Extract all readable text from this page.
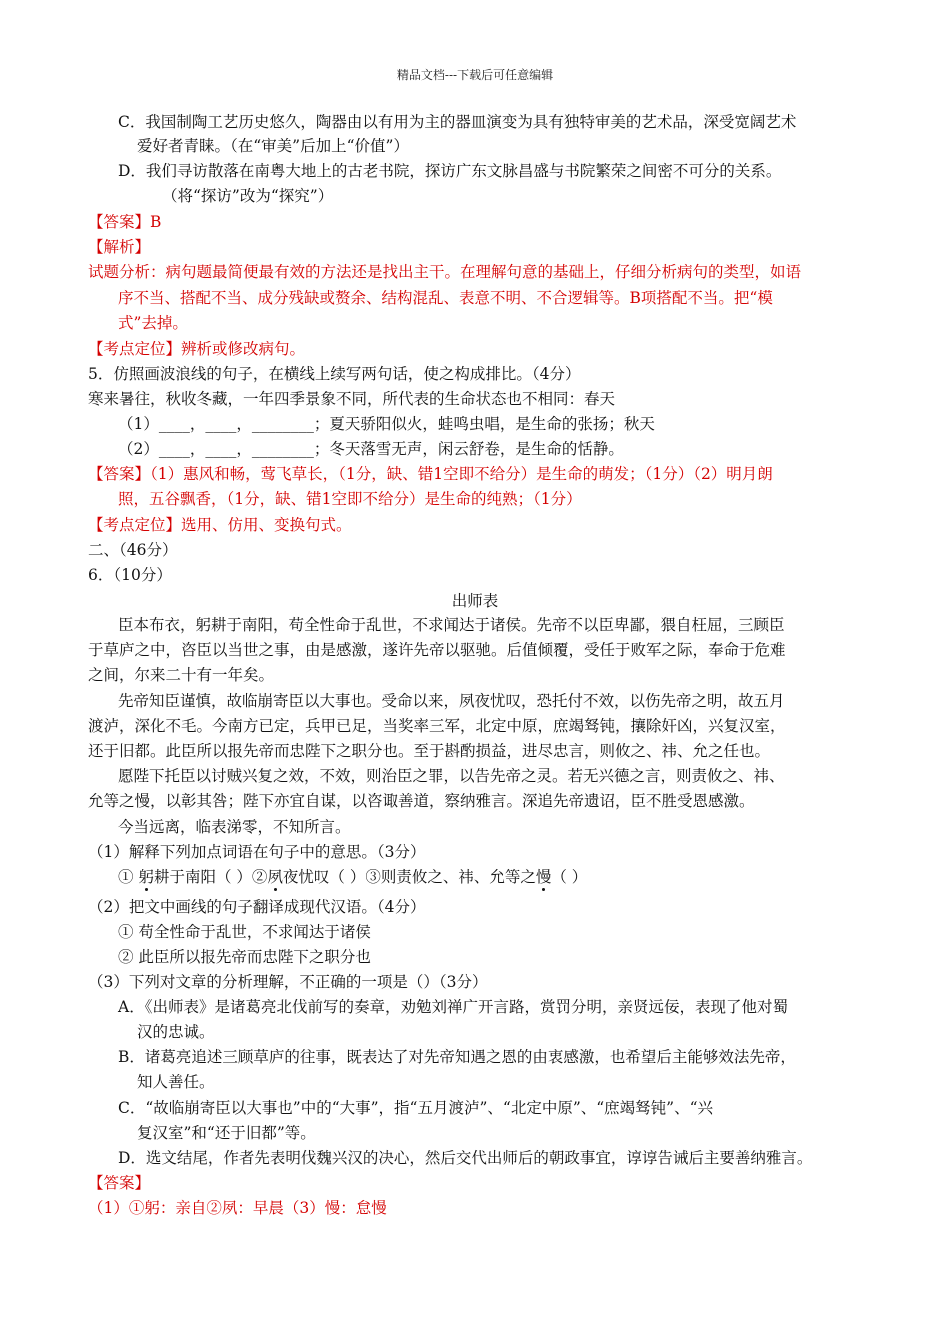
精品文档---下载后可任意编辑
C．我国制陶工艺历史悠久，陶器由以有用为主的器皿演变为具有独特审美的艺术品，深受宽阔艺术
爱好者青睐。（在“审美”后加上“价值”）
D．我们寻访散落在南粤大地上的古老书院，探访广东文脉昌盛与书院繁荣之间密不可分的关系。
（将“探访”改为“探究”）
【答案】B
【解析】
试题分析：病句题最简便最有效的方法还是找出主干。在理解句意的基础上，仔细分析病句的类型，如语
序不当、搭配不当、成分残缺或赘余、结构混乱、表意不明、不合逻辑等。B项搭配不当。把“模
式”去掉。
【考点定位】辨析或修改病句。
5．仿照画波浪线的句子，在横线上续写两句话，使之构成排比。（4分）
寒来暑往，秋收冬藏，一年四季景象不同，所代表的生命状态也不相同：春天
（1）____，____，________；夏天骄阳似火，蛙鸣虫唱，是生命的张扬；秋天
（2）____，____，________；冬天落雪无声，闲云舒卷，是生命的恬静。
【答案】（1）惠风和畅，莺飞草长，（1分，缺、错1空即不给分）是生命的萌发；（1分）（2）明月朗
照，五谷飘香，（1分，缺、错1空即不给分）是生命的纯熟；（1分）
【考点定位】选用、仿用、变换句式。
二、（46分）
6．（10分）
出师表
臣本布衣，躬耕于南阳，苟全性命于乱世，不求闻达于诸侯。先帝不以臣卑鄙，猥自枉屈，三顾臣
于草庐之中，咨臣以当世之事，由是感激，遂许先帝以驱驰。后值倾覆，受任于败军之际，奉命于危难
之间，尔来二十有一年矣。
先帝知臣谨慎，故临崩寄臣以大事也。受命以来，夙夜忧叹，恐托付不效，以伤先帝之明，故五月
渡泸，深化不毛。今南方已定，兵甲已足，当奖率三军，北定中原，庶竭驽钝，攘除奸凶，兴复汉室，
还于旧都。此臣所以报先帝而忠陛下之职分也。至于斟酌损益，进尽忠言，则攸之、祎、允之任也。
愿陛下托臣以讨贼兴复之效，不效，则治臣之罪，以告先帝之灵。若无兴德之言，则责攸之、祎、
允等之慢，以彰其咎；陛下亦宜自谋，以咨诹善道，察纳雅言。深追先帝遗诏，臣不胜受恩感激。
今当远离，临表涕零，不知所言。
（1）解释下列加点词语在句子中的意思。（3分）
① 躬耕于南阳（ ）②夙夜忧叹（ ）③则责攸之、祎、允等之慢（ ）
（2）把文中画线的句子翻译成现代汉语。（4分）
① 苟全性命于乱世，不求闻达于诸侯
② 此臣所以报先帝而忠陛下之职分也
（3）下列对文章的分析理解，不正确的一项是（）（3分）
A．《出师表》是诸葛亮北伐前写的奏章，劝勉刘禅广开言路，赏罚分明，亲贤远佞，表现了他对蜀
汉的忠诚。
B．诸葛亮追述三顾草庐的往事，既表达了对先帝知遇之恩的由衷感激，也希望后主能够效法先帝，
知人善任。
C．“故临崩寄臣以大事也”中的“大事”，指“五月渡泸”、“北定中原”、“庶竭驽钝”、“兴
复汉室”和“还于旧都”等。
D．选文结尾，作者先表明伐魏兴汉的决心，然后交代出师后的朝政事宜，谆谆告诫后主要善纳雅言。
【答案】
（1）①躬：亲自②夙：早晨（3）慢：怠慢
